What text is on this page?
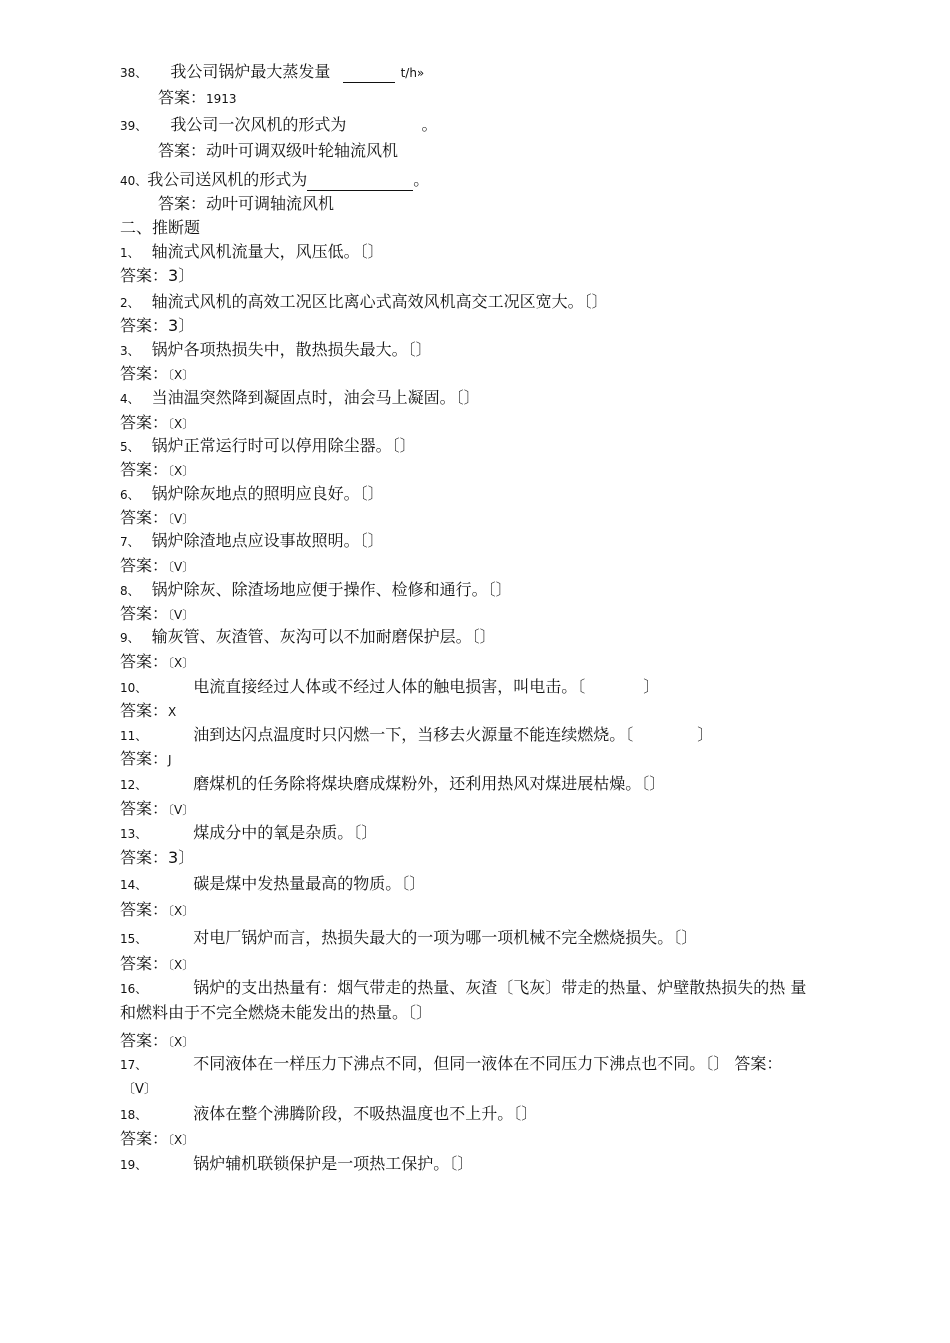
38、 我公司锅炉最大蒸发量	t/h»
答案：1913
39、 我公司一次风机的形式为	。
答案：动叶可调双级叶轮轴流风机
40、我公司送风机的形式为	。
答案：动叶可调轴流风机
二、推断题
1、 轴流式风机流量大，风压低。〔〕
答案：3〕
2、 轴流式风机的高效工况区比离心式高效风机高交工况区宽大。〔〕
答案：3〕
3、 锅炉各项热损失中，散热损失最大。〔〕
答案：〔X〕
4、 当油温突然降到凝固点时，油会马上凝固。〔〕
答案：〔X〕
5、 锅炉正常运行时可以停用除尘器。〔〕
答案：〔X〕
6、 锅炉除灰地点的照明应良好。〔〕
答案：〔V〕
7、 锅炉除渣地点应设事故照明。〔〕
答案：〔V〕
8、 锅炉除灰、除渣场地应便于操作、检修和通行。〔〕
答案：〔V〕
9、 输灰管、灰渣管、灰沟可以不加耐磨保护层。〔〕
答案：〔X〕
10、	电流直接经过人体或不经过人体的触电损害，叫电击。〔	〕
答案：X
11、	油到达闪点温度时只闪燃一下，当移去火源量不能连续燃烧。〔	〕
答案：J
12、	磨煤机的任务除将煤块磨成煤粉外，还利用热风对煤进展枯燥。〔〕
答案：〔V〕
13、	煤成分中的氧是杂质。〔〕
答案：3〕
14、	碳是煤中发热量最高的物质。〔〕
答案：〔X〕
15、	对电厂锅炉而言，热损失最大的一项为哪一项机械不完全燃烧损失。〔〕
答案：〔X〕
16、	锅炉的支出热量有：烟气带走的热量、灰渣〔飞灰〕带走的热量、炉壁散热损失的热 量
和燃料由于不完全燃烧未能发出的热量。〔〕
答案：〔X〕
17、	不同液体在一样压力下沸点不同，但同一液体在不同压力下沸点也不同。〔〕 答案：
〔V〕
18、	液体在整个沸腾阶段，不吸热温度也不上升。〔〕
答案：〔X〕
19、	锅炉辅机联锁保护是一项热工保护。〔〕
